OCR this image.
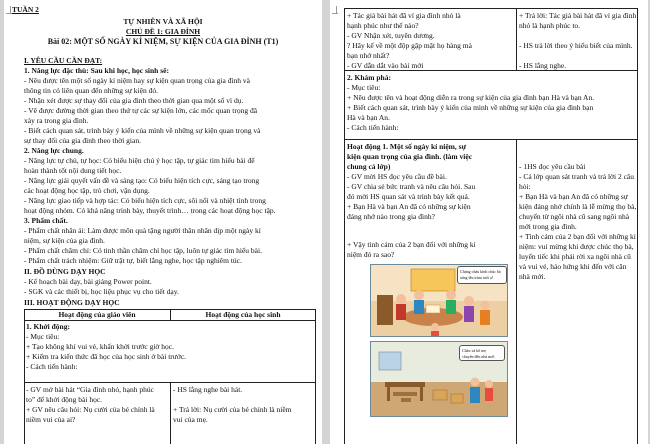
TUẦN 2
TỰ NHIÊN VÀ XÃ HỘI
CHỦ ĐỀ 1: GIA ĐÌNH
Bài 02: MỘT SỐ NGÀY KỈ NIỆM, SỰ KIỆN CỦA GIA ĐÌNH (T1)
I. YÊU CẦU CẦN ĐẠT:
1. Năng lực đặc thù: Sau khi học, học sinh sẽ:
- Nêu được tên một số ngày kỉ niệm hay sự kiện quan trọng của gia đình và
thông tin có liên quan đến những sự kiện đó.
- Nhận xét được sự thay đổi của gia đình theo thời gian qua một số vì dụ.
- Vẽ được đường thời gian theo thứ tự các sự kiện lớn, các mốc quan trọng đã
xảy ra trong gia đình.
- Biết cách quan sát, trình bày ý kiến của mình về những sự kiện quan trọng và
sự thay đổi của gia đình theo thời gian.
2. Năng lực chung.
- Năng lực tự chủ, tự học: Có biểu hiện chú ý học tập, tự giác tìm hiểu bài để
hoàn thành tốt nội dung tiết học.
- Năng lực giải quyết vấn đề và sáng tạo: Có biểu hiện tích cực, sáng tạo trong
các hoạt động học tập, trò chơi, vận dụng.
- Năng lực giao tiếp và hợp tác: Có biểu hiện tích cực, sôi nổi và nhiệt tình trong
hoạt động nhóm. Có khả năng trình bày, thuyết trình… trong các hoạt động học tập.
3. Phẩm chất.
- Phẩm chất nhân ái: Làm được môn quà tặng người thân nhân dịp một ngày kỉ
niệm, sự kiện của gia đình.
- Phẩm chất chăm chỉ: Có tinh thần chăm chỉ học tập, luôn tự giác tìm hiểu bài.
- Phẩm chất trách nhiệm: Giữ trật tự, biết lắng nghe, học tập nghiêm túc.
II. ĐỒ DÙNG DẠY HỌC
- Kế hoạch bài dạy, bài giảng Power point.
- SGK và các thiết bị, học liệu phục vụ cho tiết dạy.
III. HOẠT ĐỘNG DẠY HỌC
Hoạt động của giáo viên	Hoạt động của học sinh
1. Khởi động:
- Mục tiêu:
+ Tạo không khí vui vẻ, khấn khởi trước giờ học.
+ Kiểm tra kiến thức đã học của học sinh ở bài trước.
- Cách tiến hành:
- GV mở bài hát “Gia đình nhỏ, hạnh phúc
to” để khởi động bài học.
+ GV nêu câu hỏi: Nụ cười của bé chính là
niềm vui của ai?
- HS lắng nghe bài hát.
+ Trả lời: Nụ cười của bé chính là niềm
vui của mẹ.
+ Tác giả bài hát đã ví gia đình nhỏ là
hạnh phúc như thế nào?
- GV Nhận xét, tuyên dương.
? Hãy kể về một độp gặp mặt họ hàng mà
bạn nhớ nhất?
- GV dẫn dắt vào bài mới
+ Trả lời: Tác giả bài hát đã ví gia đình
nhỏ là hạnh phúc to.
- HS trả lời theo ý hiểu biết của mình.
- HS lắng nghe.
2. Khám phá:
- Mục tiêu:
+ Nêu được tên và hoạt động diễn ra trong sự kiện của gia đình bạn Hà và bạn An.
+ Biết cách quan sát, trình bày ý kiến của mình về những sự kiện của gia đình bạn
Hà và bạn An.
- Cách tiến hành:
Hoạt động 1. Một số ngày kỉ niệm, sự
kiện quan trọng của gia đình. (làm việc
chung cả lớp)
- GV mời HS đọc yêu cầu đề bài.
- GV chia sẻ bức tranh và nêu câu hỏi. Sau
đó mời HS quan sát và trình bày kết quả.
+ Bạn Hà và bạn An đã có những sự kiện
đáng nhớ nào trong gia đình?
+ Vậy tình cảm của 2 bạn đối với những kỉ
niệm đó ra sao?
- 1HS đọc yêu cầu bài
- Cả lớp quan sát tranh và trả lời 2 câu
hỏi:
+ Bạn Hà và bạn An đã có những sự
kiện đáng nhớ chính là lễ mừng thọ bà,
chuyển từ ngôi nhà cũ sang ngôi nhà
mới trong gia đình.
+ Tình cảm của 2 bạn đối với những kỉ
niệm: vui mừng khi được chúc thọ bà,
luyến tiếc khi phải rời xa ngôi nhà cũ
và vui vẻ, háo hứng khi đến với căn
nhà mới.
Chúng cháu kính chúc bà
sống lâu trăm tuổi ạ!
Cháu và bố mẹ
chuyển đến nhà mới
